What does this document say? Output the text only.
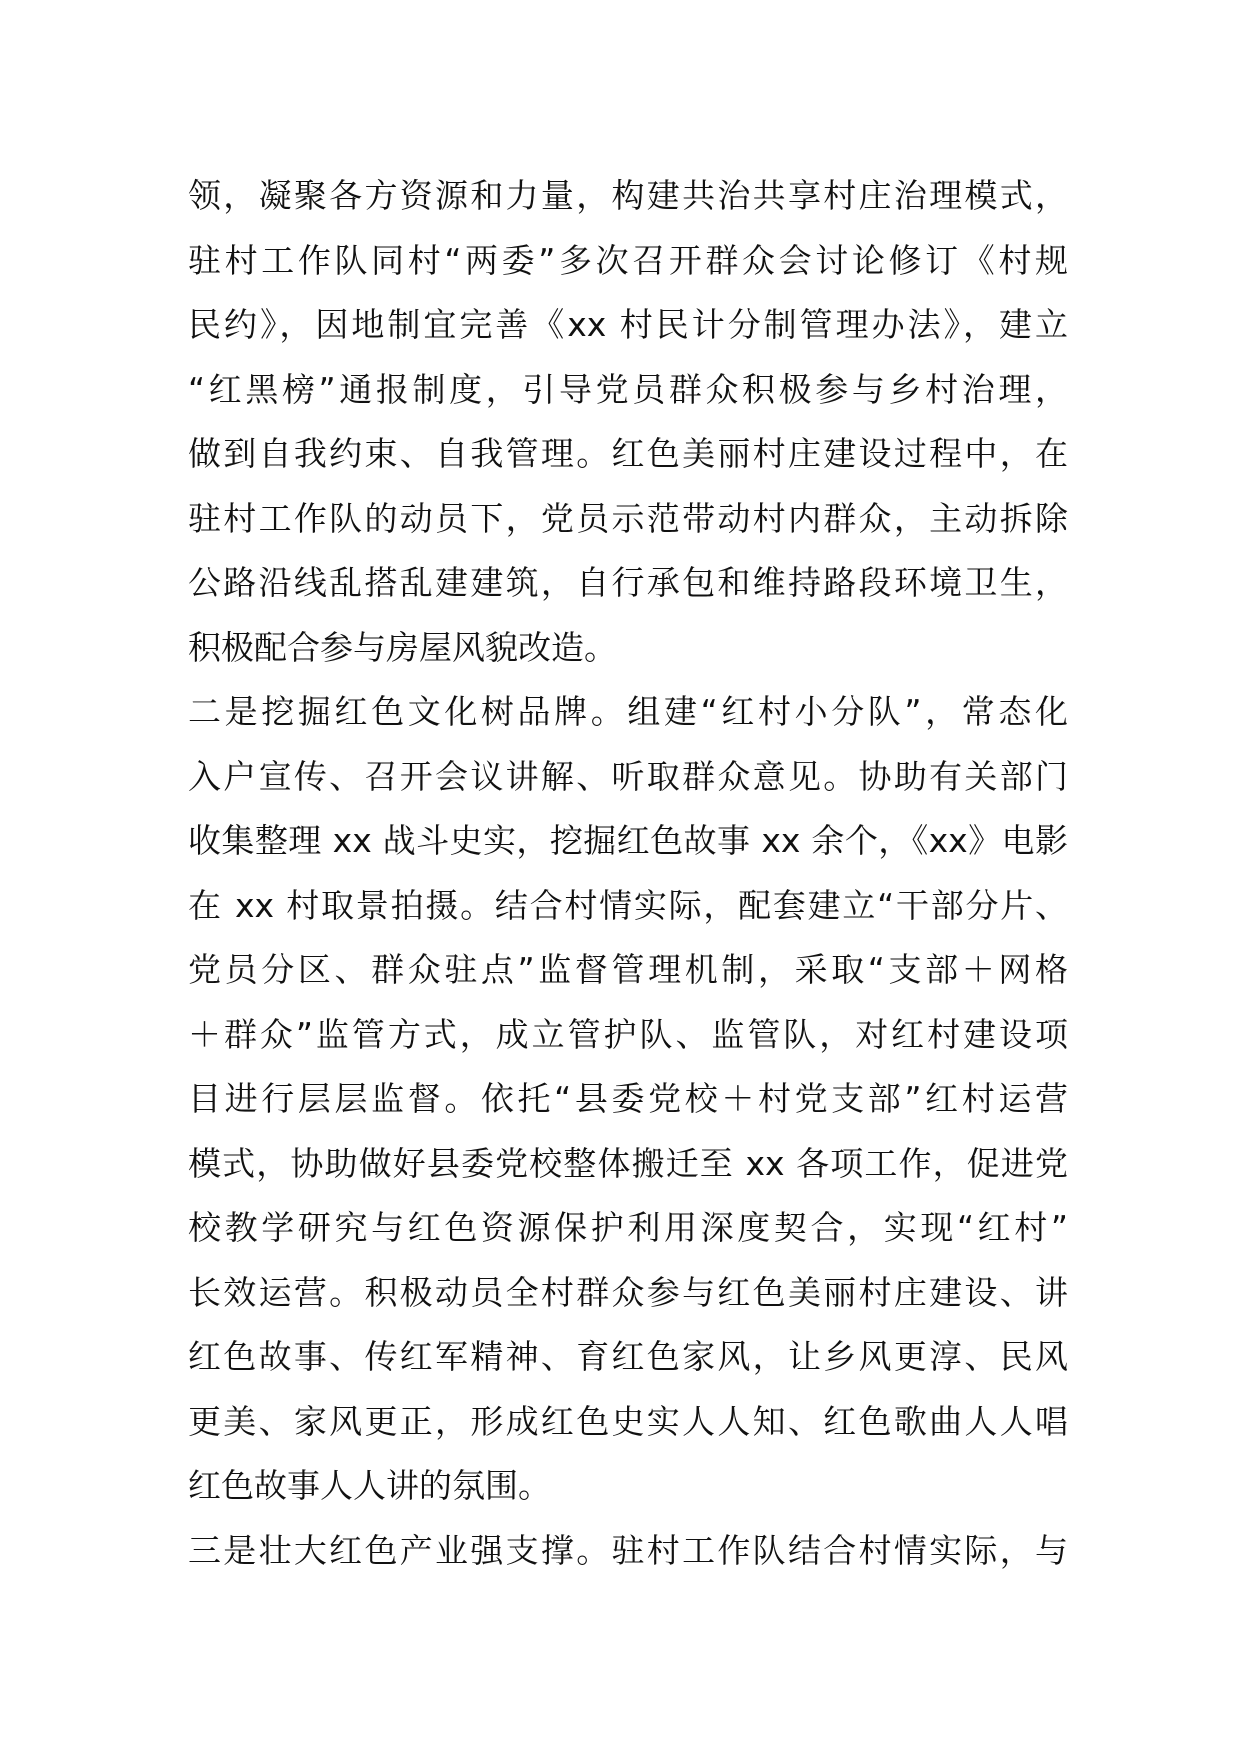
领，凝聚各方资源和力量，构建共治共享村庄治理模式，
驻村工作队同村“两委”多次召开群众会讨论修订《村规
民约》，因地制宜完善《xx 村民计分制管理办法》，建立
“红黑榜”通报制度，引导党员群众积极参与乡村治理，
做到自我约束、自我管理。红色美丽村庄建设过程中，在
驻村工作队的动员下，党员示范带动村内群众，主动拆除
公路沿线乱搭乱建建筑，自行承包和维持路段环境卫生，
积极配合参与房屋风貌改造。
二是挖掘红色文化树品牌。组建“红村小分队”，常态化
入户宣传、召开会议讲解、听取群众意见。协助有关部门
收集整理 xx 战斗史实，挖掘红色故事 xx 余个，《xx》电影
在 xx 村取景拍摄。结合村情实际，配套建立“干部分片、
党员分区、群众驻点”监督管理机制，采取“支部＋网格
＋群众”监管方式，成立管护队、监管队，对红村建设项
目进行层层监督。依托“县委党校＋村党支部”红村运营
模式，协助做好县委党校整体搬迁至 xx 各项工作，促进党
校教学研究与红色资源保护利用深度契合，实现“红村”
长效运营。积极动员全村群众参与红色美丽村庄建设、讲
红色故事、传红军精神、育红色家风，让乡风更淳、民风
更美、家风更正，形成红色史实人人知、红色歌曲人人唱
红色故事人人讲的氛围。
三是壮大红色产业强支撑。驻村工作队结合村情实际，与
